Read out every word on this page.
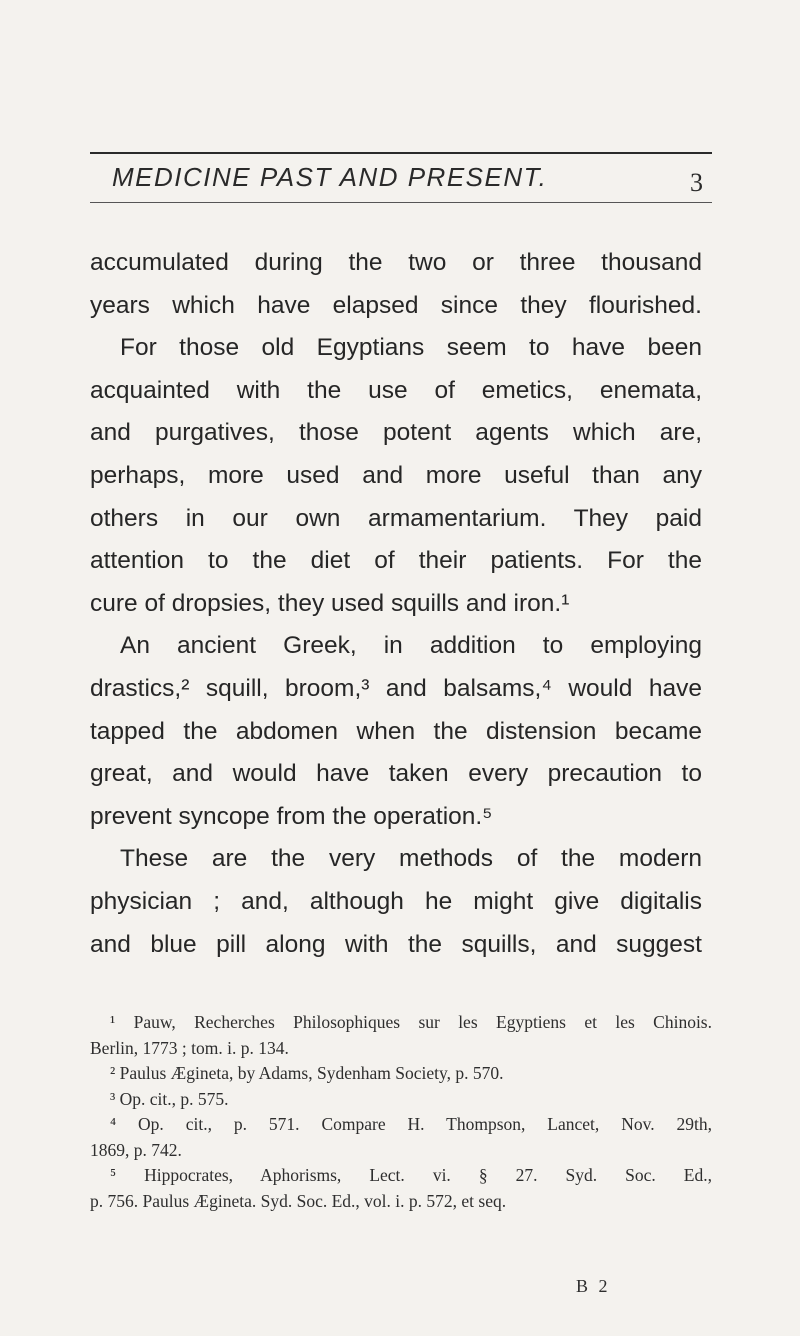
MEDICINE PAST AND PRESENT.	3
accumulated during the two or three thousand
years which have elapsed since they flourished.
For those old Egyptians seem to have been
acquainted with the use of emetics, enemata,
and purgatives, those potent agents which are,
perhaps, more used and more useful than any
others in our own armamentarium. They paid
attention to the diet of their patients. For the
cure of dropsies, they used squills and iron.¹
An ancient Greek, in addition to employing
drastics,² squill, broom,³ and balsams,⁴ would have
tapped the abdomen when the distension became
great, and would have taken every precaution to
prevent syncope from the operation.⁵
These are the very methods of the modern
physician ; and, although he might give digitalis
and blue pill along with the squills, and suggest
¹ Pauw, Recherches Philosophiques sur les Egyptiens et les Chinois.
Berlin, 1773 ; tom. i. p. 134.
² Paulus Ægineta, by Adams, Sydenham Society, p. 570.
³ Op. cit., p. 575.
⁴ Op. cit., p. 571. Compare H. Thompson, Lancet, Nov. 29th,
1869, p. 742.
⁵ Hippocrates, Aphorisms, Lect. vi. § 27. Syd. Soc. Ed.,
p. 756. Paulus Ægineta. Syd. Soc. Ed., vol. i. p. 572, et seq.
B 2
